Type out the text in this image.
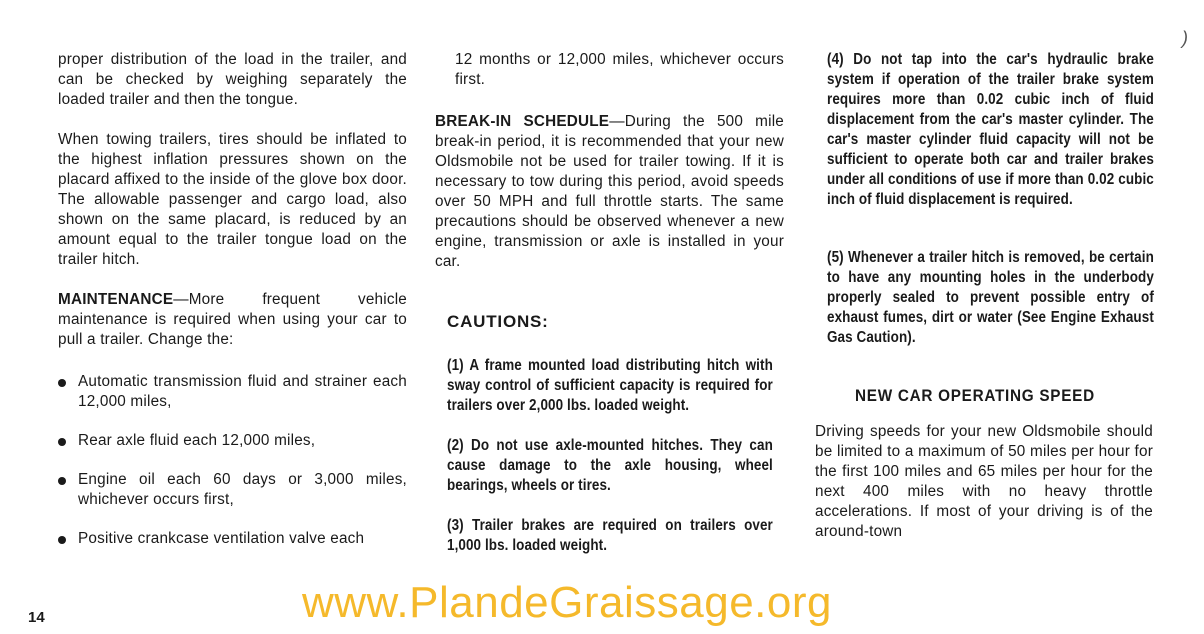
)

proper distribution of the load in the trailer, and can be checked by weighing separately the loaded trailer and then the tongue.

When towing trailers, tires should be inflated to the highest inflation pressures shown on the placard affixed to the inside of the glove box door. The allowable passenger and cargo load, also shown on the same placard, is reduced by an amount equal to the trailer tongue load on the trailer hitch.

MAINTENANCE—More frequent vehicle maintenance is required when using your car to pull a trailer. Change the:

Automatic transmission fluid and strainer each 12,000 miles,
Rear axle fluid each 12,000 miles,
Engine oil each 60 days or 3,000 miles, whichever occurs first,
Positive crankcase ventilation valve each

12 months or 12,000 miles, whichever occurs first.

BREAK-IN SCHEDULE—During the 500 mile break-in period, it is recommended that your new Oldsmobile not be used for trailer towing. If it is necessary to tow during this period, avoid speeds over 50 MPH and full throttle starts. The same precautions should be observed whenever a new engine, transmission or axle is installed in your car.

CAUTIONS:

(1) A frame mounted load distributing hitch with sway control of sufficient capacity is required for trailers over 2,000 lbs. loaded weight.

(2) Do not use axle-mounted hitches. They can cause damage to the axle housing, wheel bearings, wheels or tires.

(3) Trailer brakes are required on trailers over 1,000 lbs. loaded weight.

(4) Do not tap into the car's hydraulic brake system if operation of the trailer brake system requires more than 0.02 cubic inch of fluid displacement from the car's master cylinder. The car's master cylinder fluid capacity will not be sufficient to operate both car and trailer brakes under all conditions of use if more than 0.02 cubic inch of fluid displacement is required.

(5) Whenever a trailer hitch is removed, be certain to have any mounting holes in the underbody properly sealed to prevent possible entry of exhaust fumes, dirt or water (See Engine Exhaust Gas Caution).

NEW CAR OPERATING SPEED

Driving speeds for your new Oldsmobile should be limited to a maximum of 50 miles per hour for the first 100 miles and 65 miles per hour for the next 400 miles with no heavy throttle accelerations. If most of your driving is of the around-town

14	www.PlandeGraissage.org
